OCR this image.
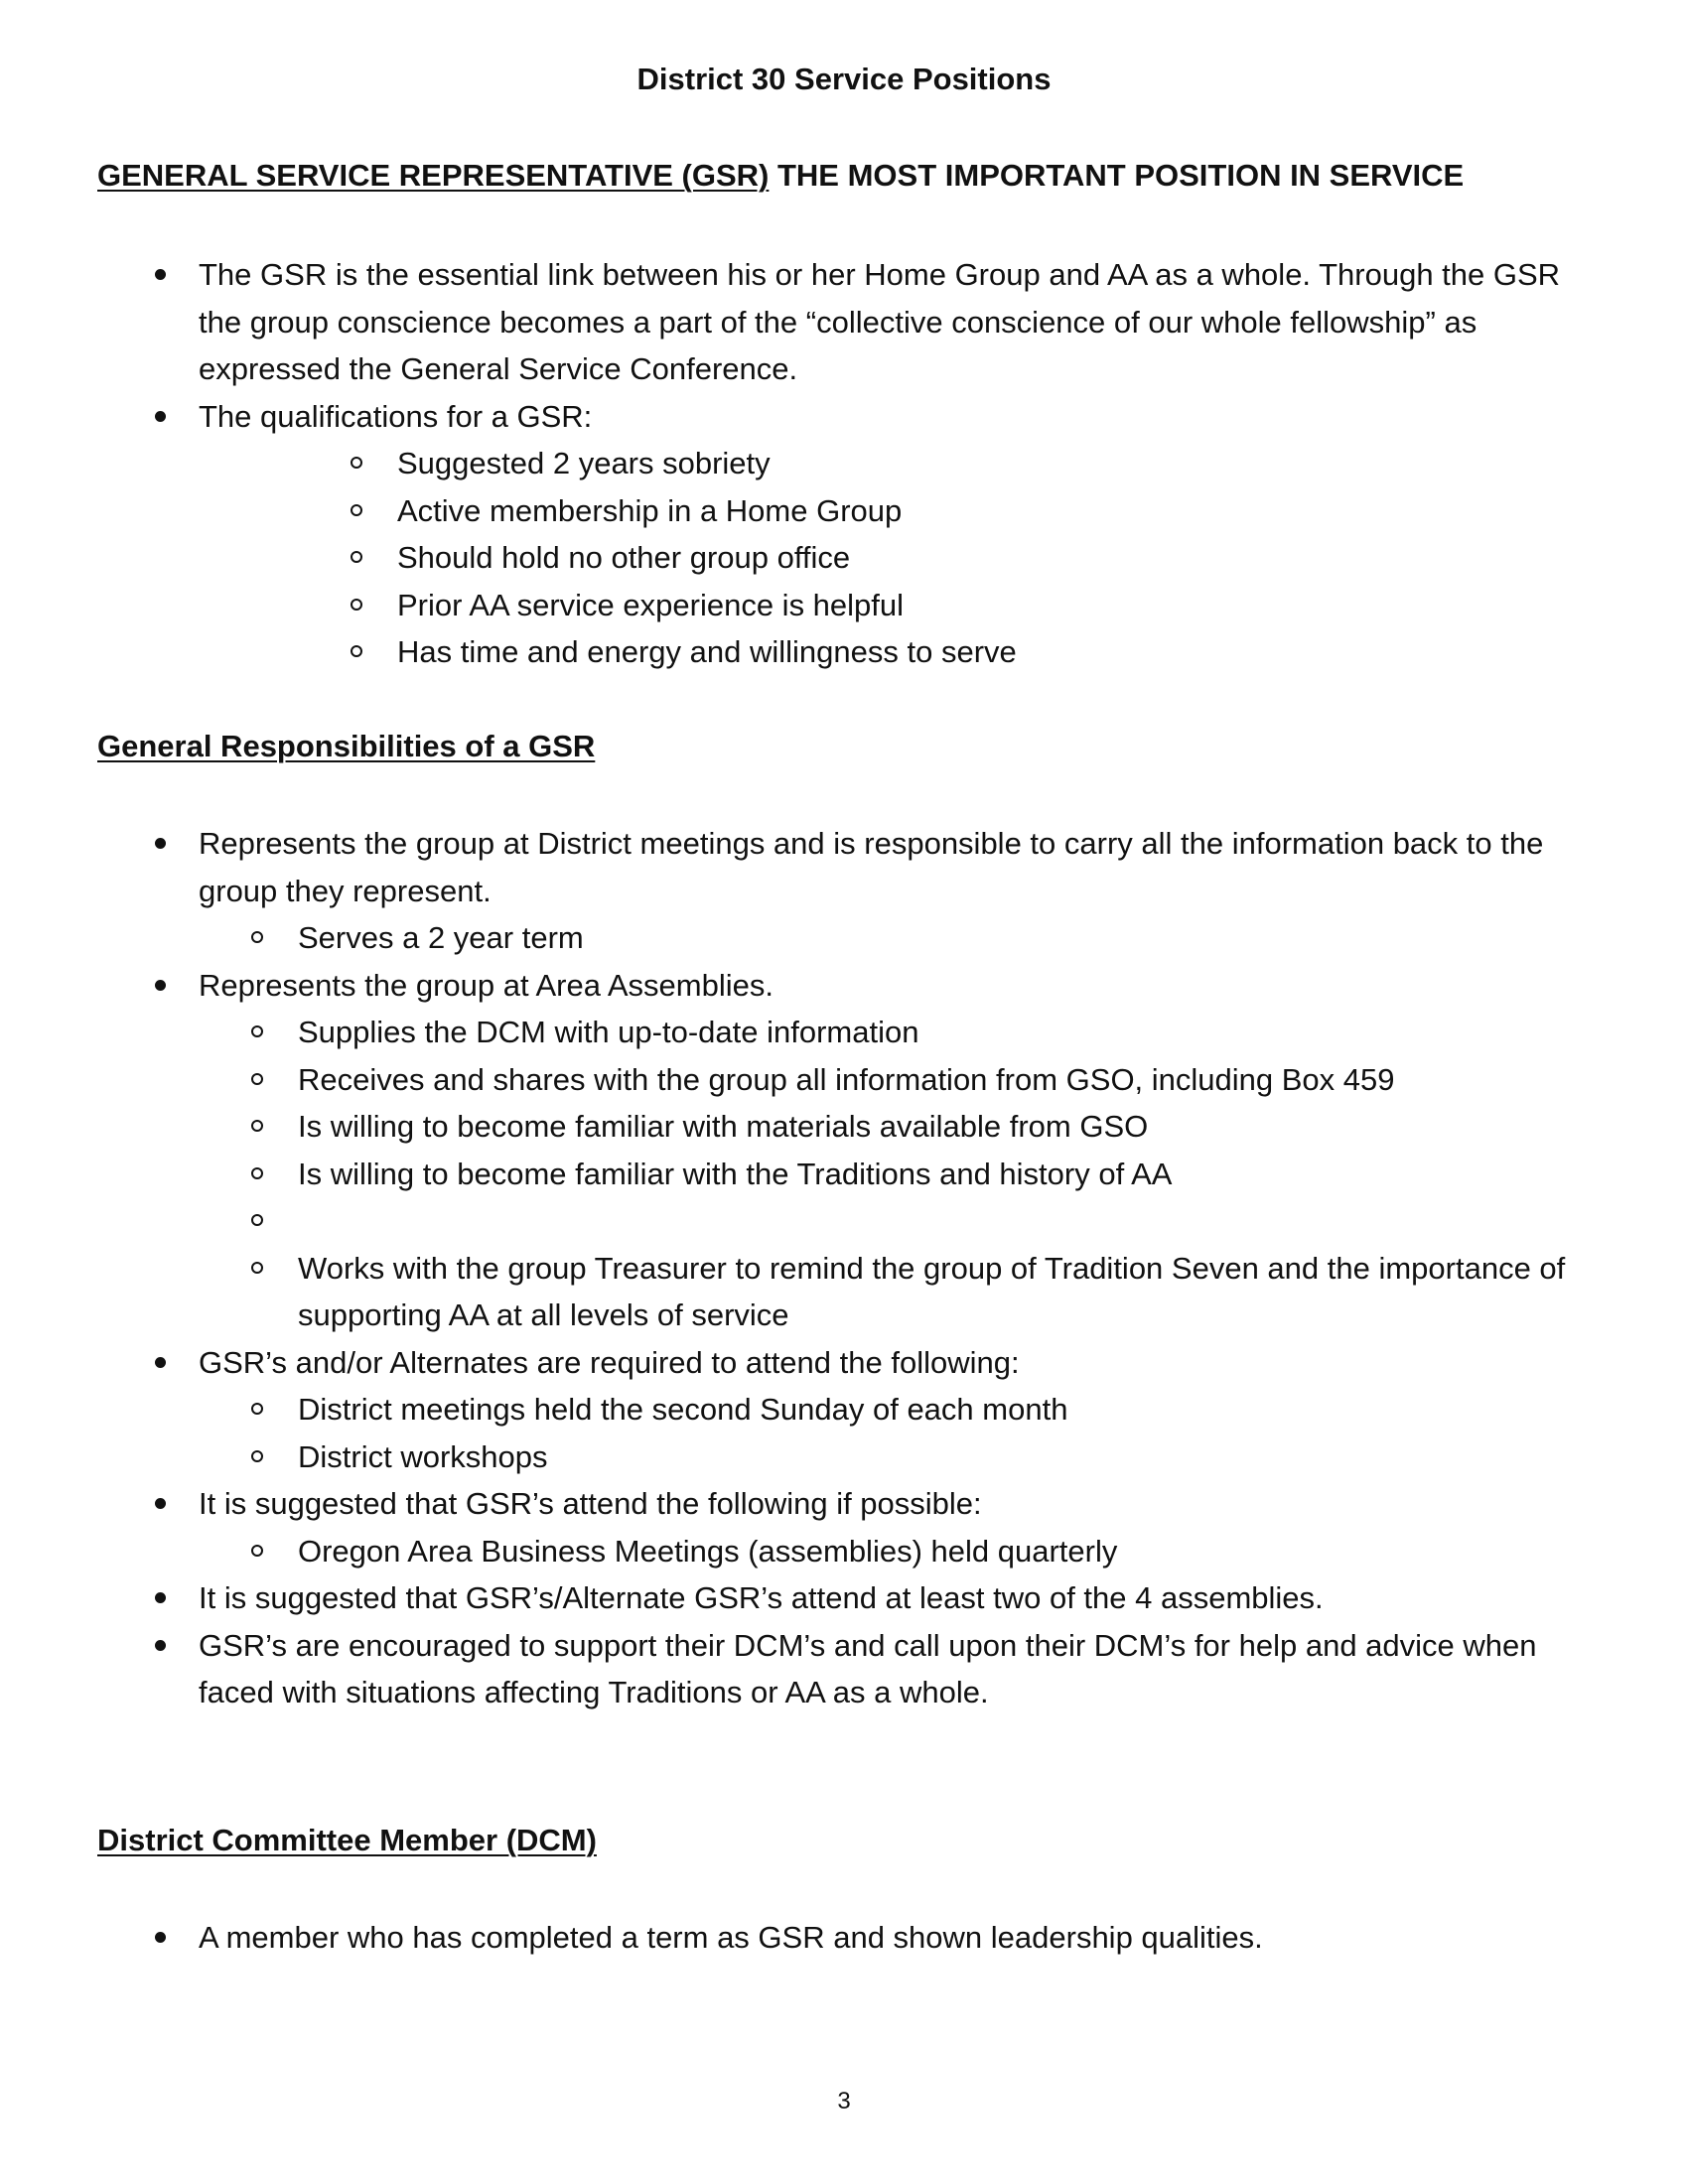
District 30 Service Positions
GENERAL SERVICE REPRESENTATIVE (GSR) THE MOST IMPORTANT POSITION IN SERVICE
The GSR is the essential link between his or her Home Group and AA as a whole. Through the GSR the group conscience becomes a part of the “collective conscience of our whole fellowship” as expressed the General Service Conference.
The qualifications for a GSR:
Suggested 2 years sobriety
Active membership in a Home Group
Should hold no other group office
Prior AA service experience is helpful
Has time and energy and willingness to serve
General Responsibilities of a GSR
Represents the group at District meetings and is responsible to carry all the information back to the group they represent.
Serves a 2 year term
Represents the group at Area Assemblies.
Supplies the DCM with up-to-date information
Receives and shares with the group all information from GSO, including Box 459
Is willing to become familiar with materials available from GSO
Is willing to become familiar with the Traditions and history of AA

Works with the group Treasurer to remind the group of Tradition Seven and the importance of supporting AA at all levels of service
GSR’s and/or Alternates are required to attend the following:
District meetings held the second Sunday of each month
District workshops
It is suggested that GSR’s attend the following if possible:
Oregon Area Business Meetings (assemblies) held quarterly
It is suggested that GSR’s/Alternate GSR’s attend at least two of the 4 assemblies.
GSR’s are encouraged to support their DCM’s and call upon their DCM’s for help and advice when faced with situations affecting Traditions or AA as a whole.
District Committee Member (DCM)
A member who has completed a term as GSR and shown leadership qualities.
3
